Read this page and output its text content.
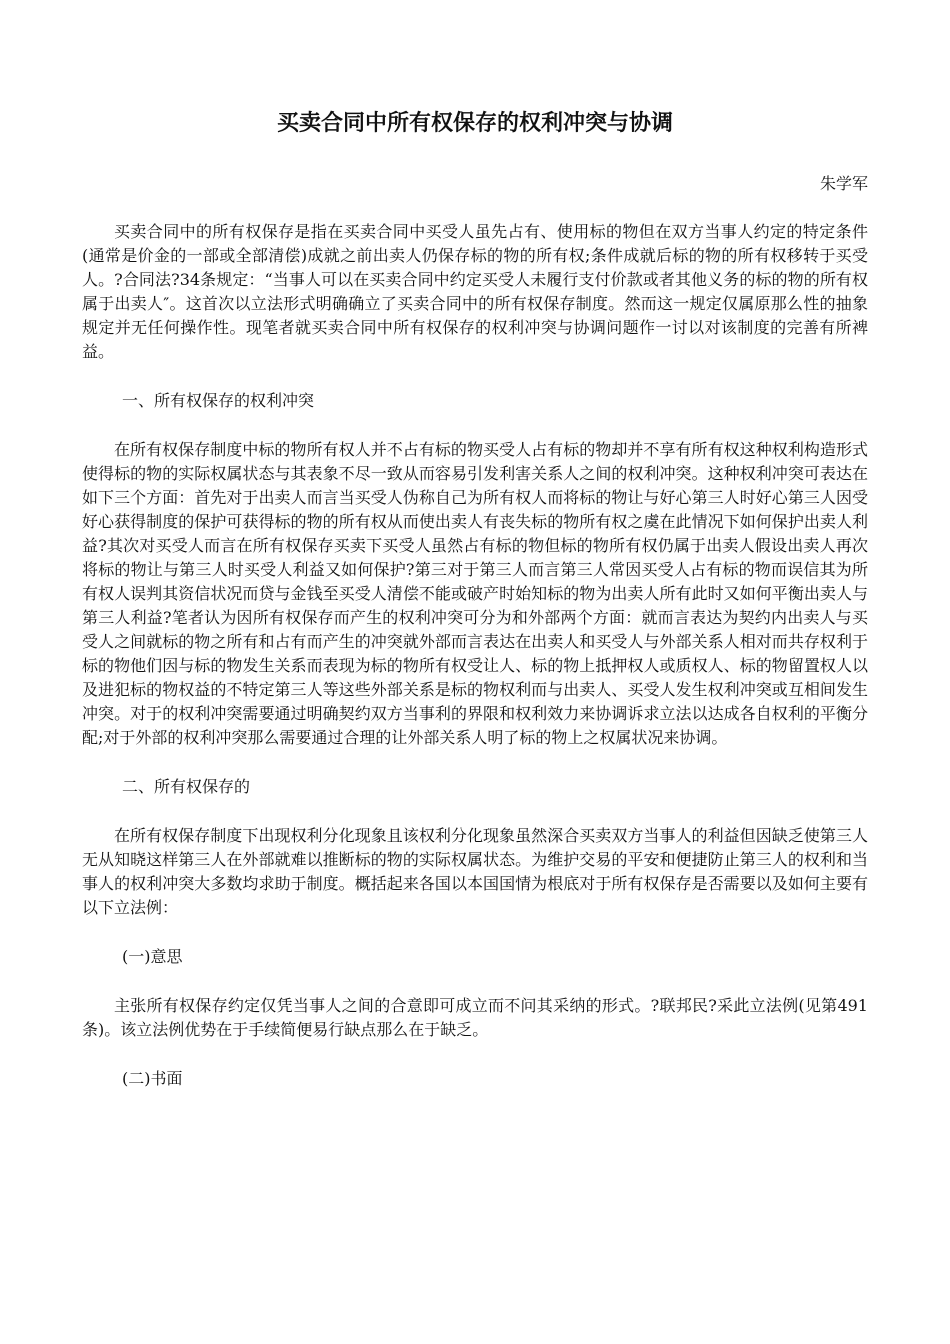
买卖合同中所有权保存的权利冲突与协调
朱学军

买卖合同中的所有权保存是指在买卖合同中买受人虽先占有、使用标的物但在双方当事人约定的特定条件(通常是价金的一部或全部清偿)成就之前出卖人仍保存标的物的所有权;条件成就后标的物的所有权移转于买受人。?合同法?34条规定：“当事人可以在买卖合同中约定买受人未履行支付价款或者其他义务的标的物的所有权属于出卖人″。这首次以立法形式明确确立了买卖合同中的所有权保存制度。然而这一规定仅属原那么性的抽象规定并无任何操作性。现笔者就买卖合同中所有权保存的权利冲突与协调问题作一讨以对该制度的完善有所裨益。

一、所有权保存的权利冲突

在所有权保存制度中标的物所有权人并不占有标的物买受人占有标的物却并不享有所有权这种权利构造形式使得标的物的实际权属状态与其表象不尽一致从而容易引发利害关系人之间的权利冲突。这种权利冲突可表达在如下三个方面：首先对于出卖人而言当买受人伪称自己为所有权人而将标的物让与好心第三人时好心第三人因受好心获得制度的保护可获得标的物的所有权从而使出卖人有丧失标的物所有权之虞在此情况下如何保护出卖人利益?其次对买受人而言在所有权保存买卖下买受人虽然占有标的物但标的物所有权仍属于出卖人假设出卖人再次将标的物让与第三人时买受人利益又如何保护?第三对于第三人而言第三人常因买受人占有标的物而误信其为所有权人误判其资信状况而贷与金钱至买受人清偿不能或破产时始知标的物为出卖人所有此时又如何平衡出卖人与第三人利益?笔者认为因所有权保存而产生的权利冲突可分为和外部两个方面：就而言表达为契约内出卖人与买受人之间就标的物之所有和占有而产生的冲突就外部而言表达在出卖人和买受人与外部关系人相对而共存权利于标的物他们因与标的物发生关系而表现为标的物所有权受让人、标的物上抵押权人或质权人、标的物留置权人以及进犯标的物权益的不特定第三人等这些外部关系是标的物权利而与出卖人、买受人发生权利冲突或互相间发生冲突。对于的权利冲突需要通过明确契约双方当事利的界限和权利效力来协调诉求立法以达成各自权利的平衡分配;对于外部的权利冲突那么需要通过合理的让外部关系人明了标的物上之权属状况来协调。

二、所有权保存的

在所有权保存制度下出现权利分化现象且该权利分化现象虽然深合买卖双方当事人的利益但因缺乏使第三人无从知晓这样第三人在外部就难以推断标的物的实际权属状态。为维护交易的平安和便捷防止第三人的权利和当事人的权利冲突大多数均求助于制度。概括起来各国以本国国情为根底对于所有权保存是否需要以及如何主要有以下立法例：

(一)意思

主张所有权保存约定仅凭当事人之间的合意即可成立而不问其采纳的形式。?联邦民?采此立法例(见第491条)。该立法例优势在于手续简便易行缺点那么在于缺乏。

(二)书面
